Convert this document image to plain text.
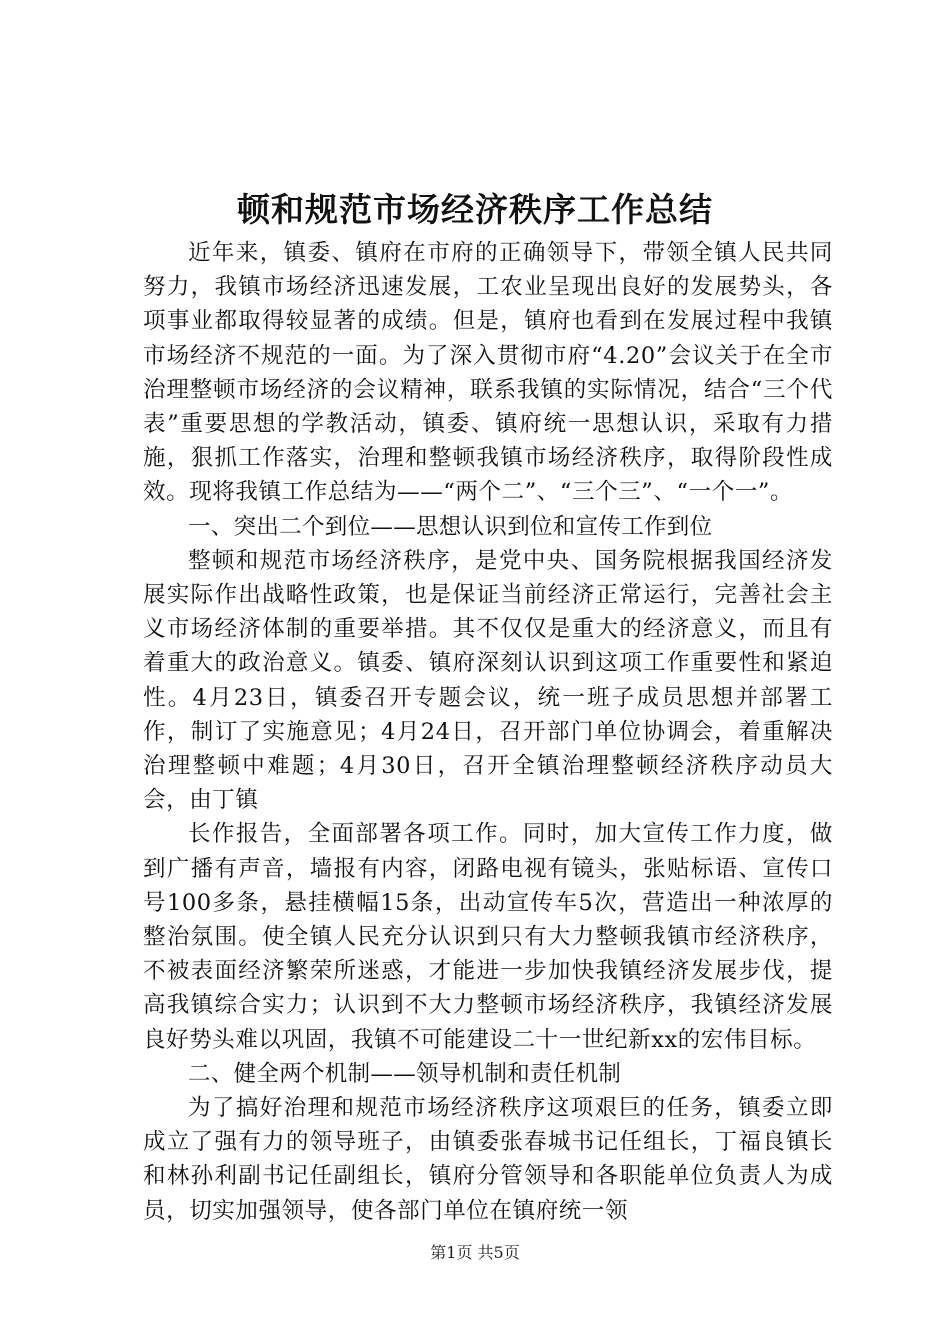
顿和规范市场经济秩序工作总结

近年来，镇委、镇府在市府的正确领导下，带领全镇人民共同努力，我镇市场经济迅速发展，工农业呈现出良好的发展势头，各项事业都取得较显著的成绩。但是，镇府也看到在发展过程中我镇市场经济不规范的一面。为了深入贯彻市府“4.20”会议关于在全市治理整顿市场经济的会议精神，联系我镇的实际情况，结合“三个代表”重要思想的学教活动，镇委、镇府统一思想认识，采取有力措施，狠抓工作落实，治理和整顿我镇市场经济秩序，取得阶段性成效。现将我镇工作总结为——“两个二”、“三个三”、“一个一”。

一、突出二个到位——思想认识到位和宣传工作到位

整顿和规范市场经济秩序，是党中央、国务院根据我国经济发展实际作出战略性政策，也是保证当前经济正常运行，完善社会主义市场经济体制的重要举措。其不仅仅是重大的经济意义，而且有着重大的政治意义。镇委、镇府深刻认识到这项工作重要性和紧迫性。4月23日，镇委召开专题会议，统一班子成员思想并部署工作，制订了实施意见；4月24日，召开部门单位协调会，着重解决治理整顿中难题；4月30日，召开全镇治理整顿经济秩序动员大会，由丁镇

长作报告，全面部署各项工作。同时，加大宣传工作力度，做到广播有声音，墙报有内容，闭路电视有镜头，张贴标语、宣传口号100多条，悬挂横幅15条，出动宣传车5次，营造出一种浓厚的整治氛围。使全镇人民充分认识到只有大力整顿我镇市经济秩序，不被表面经济繁荣所迷惑，才能进一步加快我镇经济发展步伐，提高我镇综合实力；认识到不大力整顿市场经济秩序，我镇经济发展良好势头难以巩固，我镇不可能建设二十一世纪新xx的宏伟目标。

二、健全两个机制——领导机制和责任机制

为了搞好治理和规范市场经济秩序这项艰巨的任务，镇委立即成立了强有力的领导班子，由镇委张春城书记任组长，丁福良镇长和林孙利副书记任副组长，镇府分管领导和各职能单位负责人为成员，切实加强领导，使各部门单位在镇府统一领

第1页 共5页
